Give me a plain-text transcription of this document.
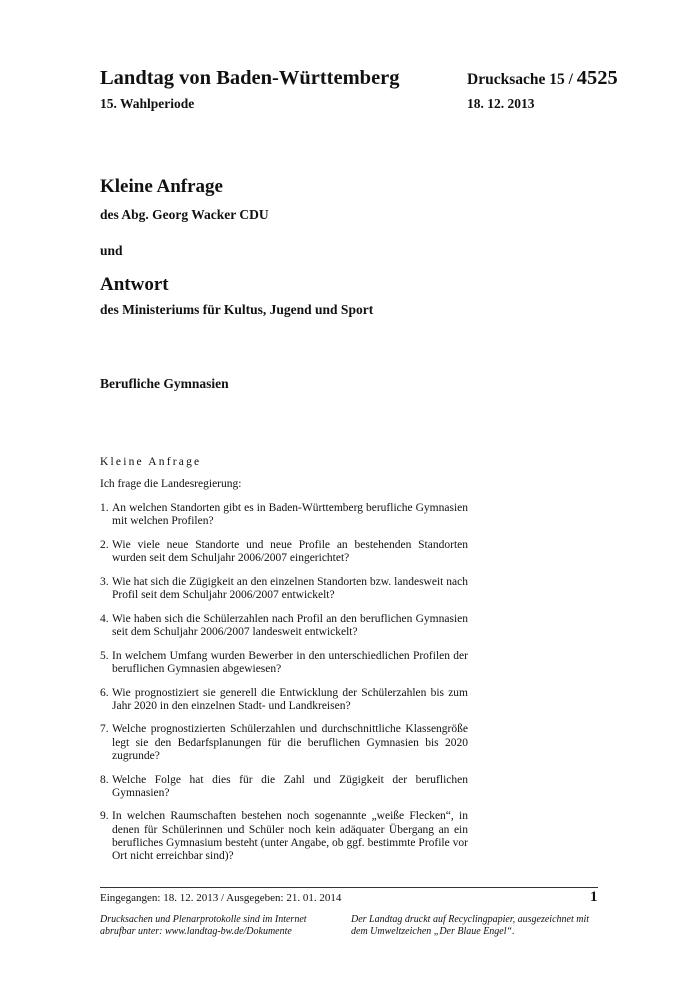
Landtag von Baden-Württemberg	Drucksache 15 / 4525
15. Wahlperiode	18. 12. 2013
Kleine Anfrage
des Abg. Georg Wacker CDU
und
Antwort
des Ministeriums für Kultus, Jugend und Sport
Berufliche Gymnasien
Kleine Anfrage
Ich frage die Landesregierung:
1. An welchen Standorten gibt es in Baden-Württemberg berufliche Gymnasien mit welchen Profilen?
2. Wie viele neue Standorte und neue Profile an bestehenden Standorten wurden seit dem Schuljahr 2006/2007 eingerichtet?
3. Wie hat sich die Zügigkeit an den einzelnen Standorten bzw. landesweit nach Profil seit dem Schuljahr 2006/2007 entwickelt?
4. Wie haben sich die Schülerzahlen nach Profil an den beruflichen Gymnasien seit dem Schuljahr 2006/2007 landesweit entwickelt?
5. In welchem Umfang wurden Bewerber in den unterschiedlichen Profilen der beruflichen Gymnasien abgewiesen?
6. Wie prognostiziert sie generell die Entwicklung der Schülerzahlen bis zum Jahr 2020 in den einzelnen Stadt- und Landkreisen?
7. Welche prognostizierten Schülerzahlen und durchschnittliche Klassengröße legt sie den Bedarfsplanungen für die beruflichen Gymnasien bis 2020 zugrunde?
8. Welche Folge hat dies für die Zahl und Zügigkeit der beruflichen Gymnasien?
9. In welchen Raumschaften bestehen noch sogenannte „weiße Flecken“, in denen für Schülerinnen und Schüler noch kein adäquater Übergang an ein berufliches Gymnasium besteht (unter Angabe, ob ggf. bestimmte Profile vor Ort nicht erreichbar sind)?
Eingegangen: 18. 12. 2013 / Ausgegeben: 21. 01. 2014	1
Drucksachen und Plenarprotokolle sind im Internet abrufbar unter: www.landtag-bw.de/Dokumente
Der Landtag druckt auf Recyclingpapier, ausgezeichnet mit dem Umweltzeichen „Der Blaue Engel“.
